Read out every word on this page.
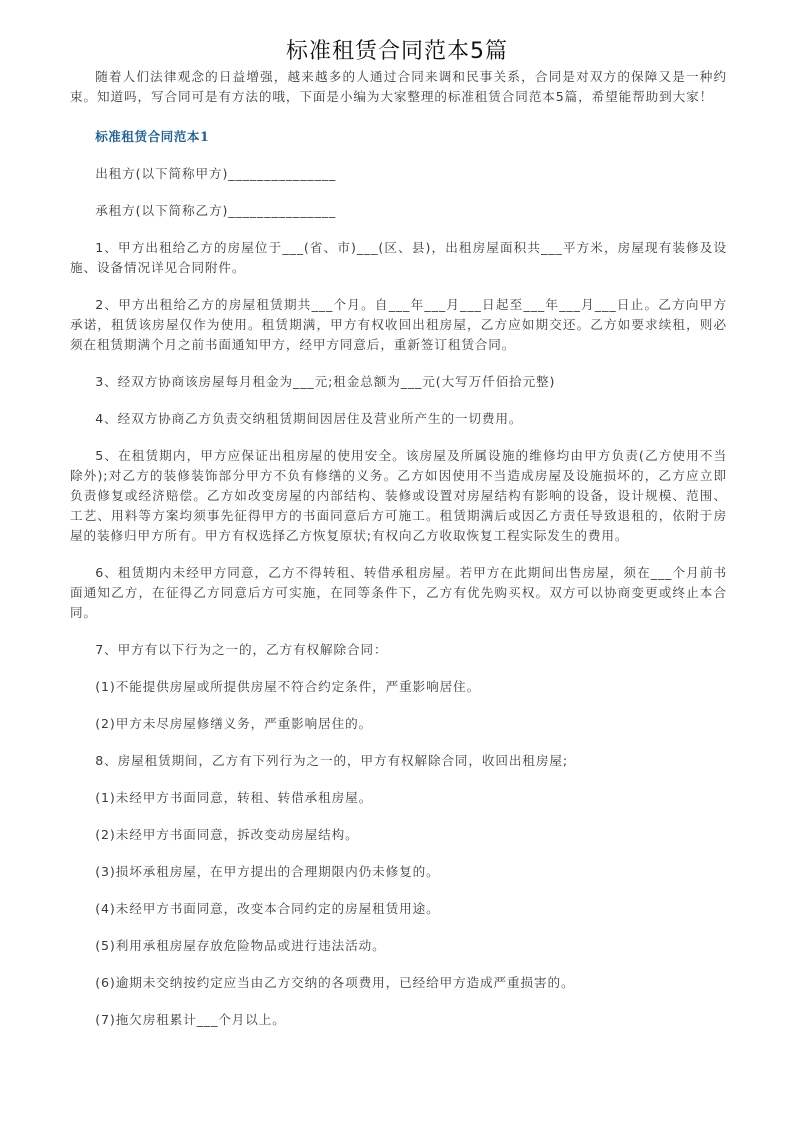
标准租赁合同范本5篇

随着人们法律观念的日益增强，越来越多的人通过合同来调和民事关系，合同是对双方的保障又是一种约束。知道吗，写合同可是有方法的哦，下面是小编为大家整理的标准租赁合同范本5篇，希望能帮助到大家！

标准租赁合同范本1

出租方(以下简称甲方)_______________

承租方(以下简称乙方)_______________

1、甲方出租给乙方的房屋位于___(省、市)___(区、县)，出租房屋面积共___平方米，房屋现有装修及设施、设备情况详见合同附件。

2、甲方出租给乙方的房屋租赁期共___个月。自___年___月___日起至___年___月___日止。乙方向甲方承诺，租赁该房屋仅作为使用。租赁期满，甲方有权收回出租房屋，乙方应如期交还。乙方如要求续租，则必须在租赁期满个月之前书面通知甲方，经甲方同意后，重新签订租赁合同。

3、经双方协商该房屋每月租金为___元;租金总额为___元(大写万仟佰拾元整)

4、经双方协商乙方负责交纳租赁期间因居住及营业所产生的一切费用。

5、在租赁期内，甲方应保证出租房屋的使用安全。该房屋及所属设施的维修均由甲方负责(乙方使用不当除外);对乙方的装修装饰部分甲方不负有修缮的义务。乙方如因使用不当造成房屋及设施损坏的，乙方应立即负责修复或经济赔偿。乙方如改变房屋的内部结构、装修或设置对房屋结构有影响的设备，设计规模、范围、工艺、用料等方案均须事先征得甲方的书面同意后方可施工。租赁期满后或因乙方责任导致退租的，依附于房屋的装修归甲方所有。甲方有权选择乙方恢复原状;有权向乙方收取恢复工程实际发生的费用。

6、租赁期内未经甲方同意，乙方不得转租、转借承租房屋。若甲方在此期间出售房屋，须在___个月前书面通知乙方，在征得乙方同意后方可实施，在同等条件下，乙方有优先购买权。双方可以协商变更或终止本合同。

7、甲方有以下行为之一的，乙方有权解除合同：

(1)不能提供房屋或所提供房屋不符合约定条件，严重影响居住。

(2)甲方未尽房屋修缮义务，严重影响居住的。

8、房屋租赁期间，乙方有下列行为之一的，甲方有权解除合同，收回出租房屋;

(1)未经甲方书面同意，转租、转借承租房屋。

(2)未经甲方书面同意，拆改变动房屋结构。

(3)损坏承租房屋，在甲方提出的合理期限内仍未修复的。

(4)未经甲方书面同意，改变本合同约定的房屋租赁用途。

(5)利用承租房屋存放危险物品或进行违法活动。

(6)逾期未交纳按约定应当由乙方交纳的各项费用，已经给甲方造成严重损害的。

(7)拖欠房租累计___个月以上。
